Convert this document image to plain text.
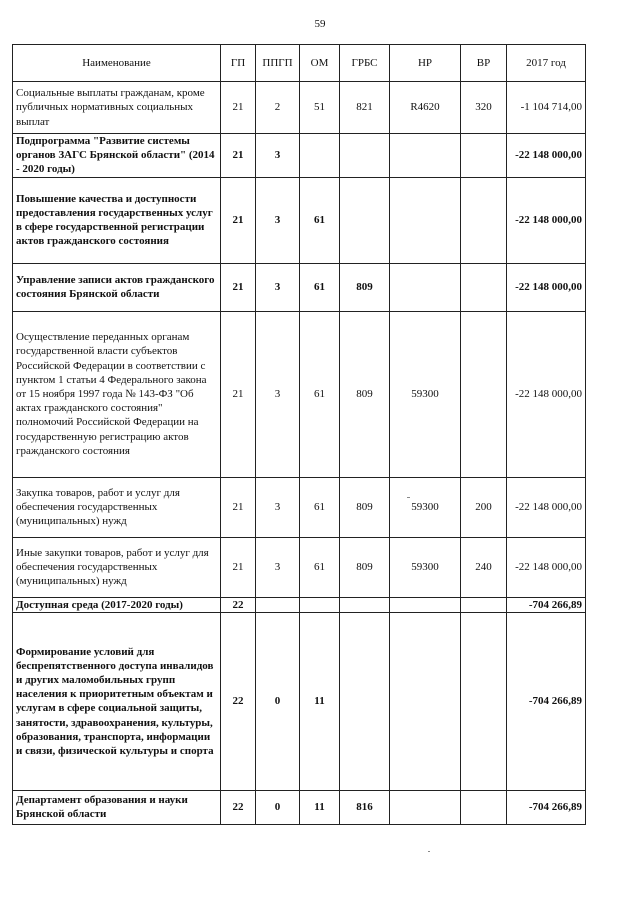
59
Наименование	ГП	ППГП	ОМ	ГРБС	НР	ВР	2017 год
Социальные выплаты гражданам, кроме публичных нормативных социальных выплат	21	2	51	821	R4620	320	-1 104 714,00
Подпрограмма "Развитие системы органов ЗАГС Брянской области" (2014 - 2020 годы)	21	3					-22 148 000,00
Повышение качества и доступности предоставления государственных услуг в сфере государственной регистрации актов гражданского состояния	21	3	61				-22 148 000,00
Управление записи актов гражданского состояния Брянской области	21	3	61	809			-22 148 000,00
Осуществление переданных органам государственной власти субъектов Российской Федерации в соответствии с пунктом 1 статьи 4 Федерального закона от 15 ноября 1997 года № 143-ФЗ "Об актах гражданского состояния" полномочий Российской Федерации на государственную регистрацию актов гражданского состояния	21	3	61	809	59300		-22 148 000,00
Закупка товаров, работ и услуг для обеспечения государственных (муниципальных) нужд	21	3	61	809	59300	200	-22 148 000,00
Иные закупки товаров, работ и услуг для обеспечения государственных (муниципальных) нужд	21	3	61	809	59300	240	-22 148 000,00
Доступная среда (2017-2020 годы)	22						-704 266,89
Формирование условий для беспрепятственного доступа инвалидов и других маломобильных групп населения к приоритетным объектам и услугам в сфере социальной защиты, занятости, здравоохранения, культуры, образования, транспорта, информации и связи, физической культуры и спорта	22	0	11				-704 266,89
Департамент образования и науки Брянской области	22	0	11	816			-704 266,89
